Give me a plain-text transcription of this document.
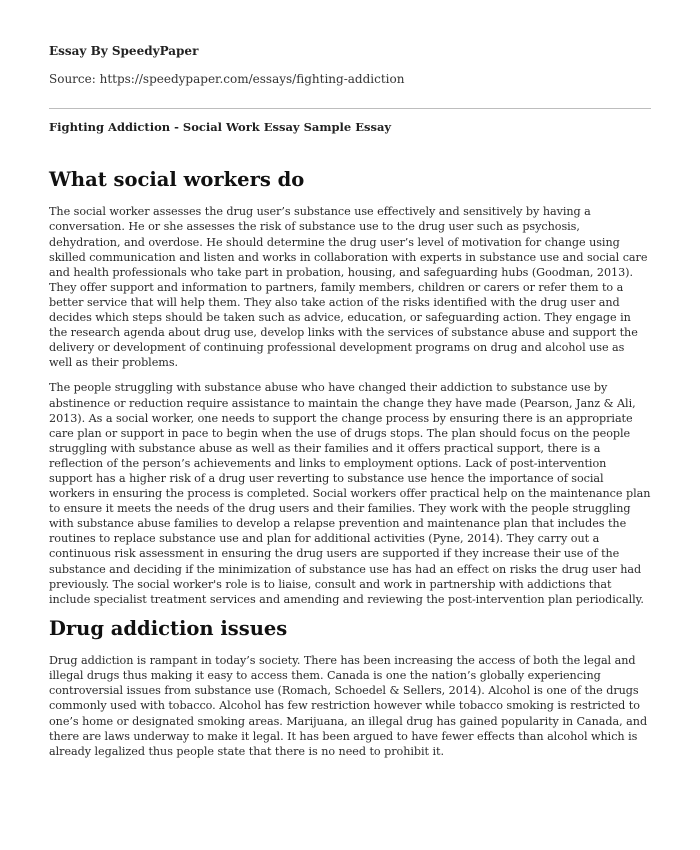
Essay By SpeedyPaper
Source: https://speedypaper.com/essays/fighting-addiction
Fighting Addiction - Social Work Essay Sample Essay
What social workers do

The social worker assesses the drug user’s substance use effectively and sensitively by having a conversation. He or she assesses the risk of substance use to the drug user such as psychosis, dehydration, and overdose. He should determine the drug user’s level of motivation for change using skilled communication and listen and works in collaboration with experts in substance use and social care and health professionals who take part in probation, housing, and safeguarding hubs (Goodman, 2013). They offer support and information to partners, family members, children or carers or refer them to a better service that will help them. They also take action of the risks identified with the drug user and decides which steps should be taken such as advice, education, or safeguarding action. They engage in the research agenda about drug use, develop links with the services of substance abuse and support the delivery or development of continuing professional development programs on drug and alcohol use as well as their problems.

The people struggling with substance abuse who have changed their addiction to substance use by abstinence or reduction require assistance to maintain the change they have made (Pearson, Janz & Ali, 2013). As a social worker, one needs to support the change process by ensuring there is an appropriate care plan or support in pace to begin when the use of drugs stops. The plan should focus on the people struggling with substance abuse as well as their families and it offers practical support, there is a reflection of the person’s achievements and links to employment options. Lack of post-intervention support has a higher risk of a drug user reverting to substance use hence the importance of social workers in ensuring the process is completed. Social workers offer practical help on the maintenance plan to ensure it meets the needs of the drug users and their families. They work with the people struggling with substance abuse families to develop a relapse prevention and maintenance plan that includes the routines to replace substance use and plan for additional activities (Pyne, 2014). They carry out a continuous risk assessment in ensuring the drug users are supported if they increase their use of the substance and deciding if the minimization of substance use has had an effect on risks the drug user had previously. The social worker's role is to liaise, consult and work in partnership with addictions that include specialist treatment services and amending and reviewing the post-intervention plan periodically.

Drug addiction issues

Drug addiction is rampant in today’s society. There has been increasing the access of both the legal and illegal drugs thus making it easy to access them. Canada is one the nation’s globally experiencing controversial issues from substance use (Romach, Schoedel & Sellers, 2014). Alcohol is one of the drugs commonly used with tobacco. Alcohol has few restriction however while tobacco smoking is restricted to one’s home or designated smoking areas. Marijuana, an illegal drug has gained popularity in Canada, and there are laws underway to make it legal. It has been argued to have fewer effects than alcohol which is already legalized thus people state that there is no need to prohibit it.
